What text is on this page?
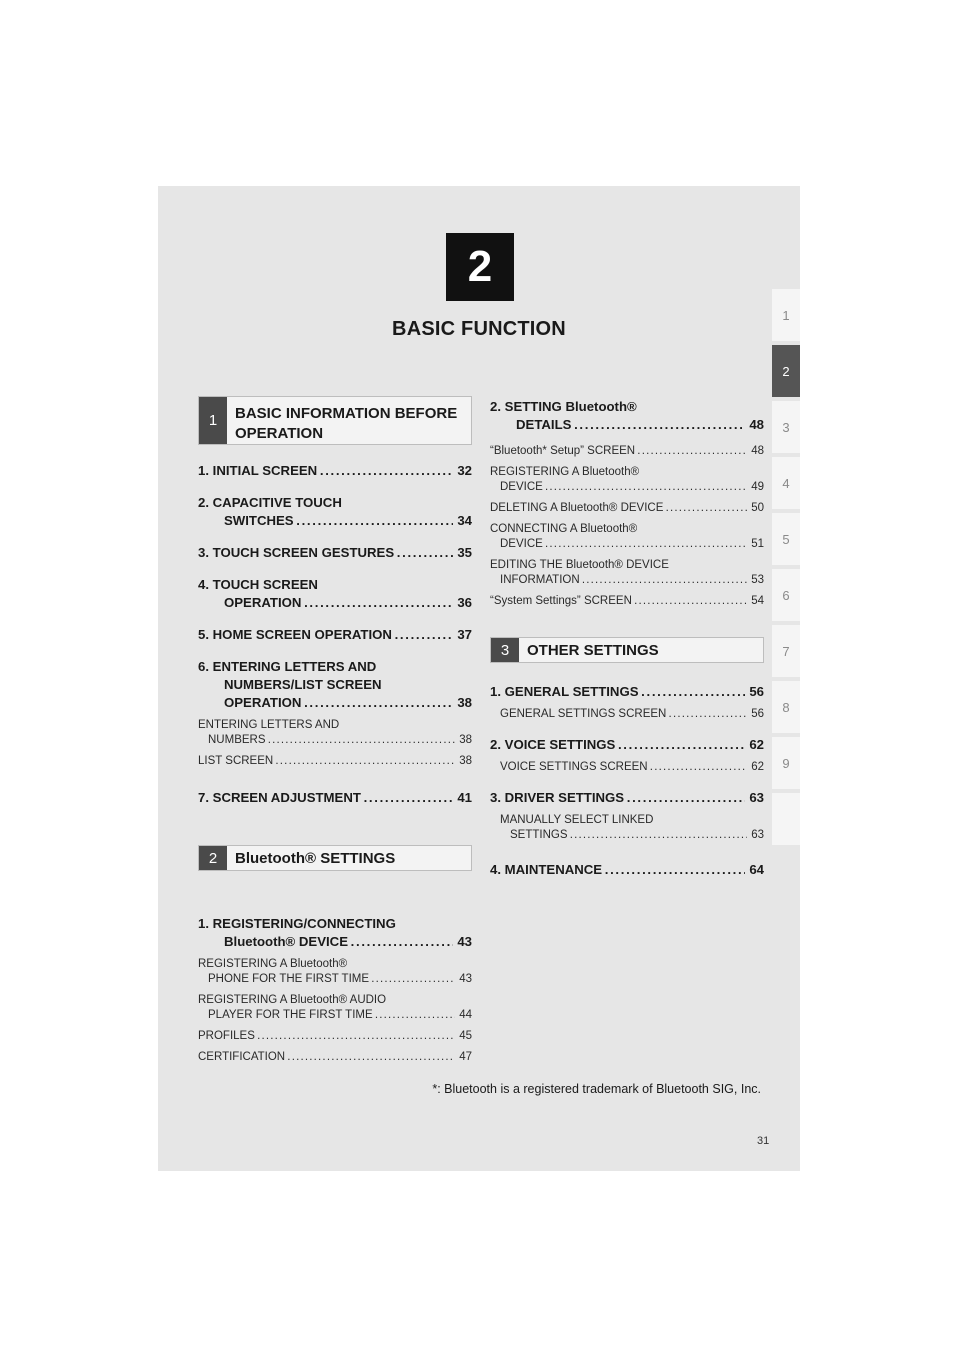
2
BASIC FUNCTION
1
2
3
4
5
6
7
8
9
1	BASIC INFORMATION BEFORE
OPERATION
1. INITIAL SCREEN . . .	32
2. CAPACITIVE TOUCH
SWITCHES . . .	34
3. TOUCH SCREEN GESTURES . . .	35
4. TOUCH SCREEN
OPERATION . . .	36
5. HOME SCREEN OPERATION . . .	37
6. ENTERING LETTERS AND
NUMBERS/LIST SCREEN
OPERATION . . .	38
ENTERING LETTERS AND
NUMBERS . . .	38
LIST SCREEN . . .	38
7. SCREEN ADJUSTMENT . . .	41
2	Bluetooth® SETTINGS
1. REGISTERING/CONNECTING
Bluetooth® DEVICE . . .	43
REGISTERING A Bluetooth®
PHONE FOR THE FIRST TIME . . .	43
REGISTERING A Bluetooth® AUDIO
PLAYER FOR THE FIRST TIME . . .	44
PROFILES . . .	45
CERTIFICATION . . .	47
2. SETTING Bluetooth®
DETAILS . . .	48
“Bluetooth* Setup” SCREEN . . .	48
REGISTERING A Bluetooth®
DEVICE . . .	49
DELETING A Bluetooth® DEVICE . . .	50
CONNECTING A Bluetooth®
DEVICE . . .	51
EDITING THE Bluetooth® DEVICE
INFORMATION . . .	53
“System Settings” SCREEN . . .	54
3	OTHER SETTINGS
1. GENERAL SETTINGS . . .	56
GENERAL SETTINGS SCREEN . . .	56
2. VOICE SETTINGS . . .	62
VOICE SETTINGS SCREEN . . .	62
3. DRIVER SETTINGS . . .	63
MANUALLY SELECT LINKED
SETTINGS . . .	63
4. MAINTENANCE . . .	64
*: Bluetooth is a registered trademark of Bluetooth SIG, Inc.
31
